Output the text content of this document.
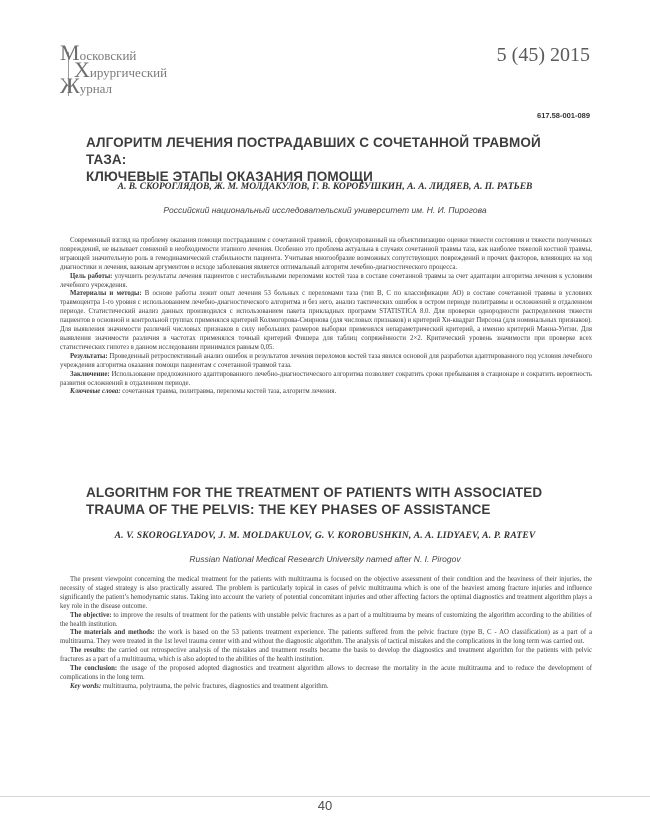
Московский
Хирургический
Журнал
5 (45) 2015
617.58-001-089
АЛГОРИТМ ЛЕЧЕНИЯ ПОСТРАДАВШИХ С СОЧЕТАННОЙ ТРАВМОЙ ТАЗА:
КЛЮЧЕВЫЕ ЭТАПЫ ОКАЗАНИЯ ПОМОЩИ
А. В. СКОРОГЛЯДОВ, Ж. М. МОЛДАКУЛОВ, Г. В. КОРОБУШКИН, А. А. ЛИДЯЕВ, А. П. РАТЬЕВ
Российский национальный исследовательский университет им. Н. И. Пирогова

Современный взгляд на проблему оказания помощи пострадавшим с сочетанной травмой, сфокусированный на объективизацию оценки тяжести состояния и тяжести полученных повреждений, не вызывает сомнений в необходимости этапного лечения. Особенно это проблема актуальна в случаях сочетанной травмы таза, как наиболее тяжелой костной травмы, играющей значительную роль в гемодинамической стабильности пациента. Учитывая многообразие возможных сопутствующих повреждений и прочих факторов, влияющих на ход диагностики и лечения, важным аргументом в исходе заболевания является оптимальный алгоритм лечебно-диагностического процесса.

Цель работы: улучшить результаты лечения пациентов с нестабильными переломами костей таза в составе сочетанной травмы за счет адаптации алгоритма лечения к условиям лечебного учреждения.

Материалы и методы: В основе работы лежит опыт лечения 53 больных с переломами таза (тип В, С по классификации АО) в составе сочетанной травмы в условиях травмоцентра 1-го уровня с использованием лечебно-диагностического алгоритма и без него, анализ тактических ошибок в остром периоде политравмы и осложнений в отдаленном периоде. Статистический анализ данных производился с использованием пакета прикладных программ STATISTICA 8.0. Для проверки однородности распределения тяжести пациентов в основной и контрольной группах применялся критерий Колмогорова-Смирнова (для числовых признаков) и критерий Хи-квадрат Пирсона (для номинальных признаков). Для выявления значимости различий числовых признаков в силу небольших размеров выборки применялся непараметрический критерий, а именно критерий Манна-Уитни. Для выявления значимости различия в частотах применялся точный критерий Фишера для таблиц сопряжённости 2×2. Критический уровень значимости при проверке всех статистических гипотез в данном исследовании принимался равным 0,05.

Результаты: Проведенный ретроспективный анализ ошибок и результатов лечения переломов костей таза явился основой для разработки адаптированного под условия лечебного учреждения алгоритма оказания помощи пациентам с сочетанной травмой таза.

Заключение: Использование предложенного адаптированного лечебно-диагностического алгоритма позволяет сократить сроки пребывания в стационаре и сократить вероятность развития осложнений в отдаленном периоде.

Ключевые слова: сочетанная травма, политравма, переломы костей таза, алгоритм лечения.

ALGORITHM FOR THE TREATMENT OF PATIENTS WITH ASSOCIATED
TRAUMA OF THE PELVIS: THE KEY PHASES OF ASSISTANCE
A. V. SKOROGLYADOV, J. M. MOLDAKULOV, G. V. KOROBUSHKIN, A. A. LIDYAEV, A. P. RATEV
Russian National Medical Research University named after N. I. Pirogov

The present viewpoint concerning the medical treatment for the patients with multitrauma is focused on the objective assessment of their condition and the heaviness of their injuries, the necessity of staged strategy is also practically assured. The problem is particularly topical in cases of pelvic multitrauma which is one of the heaviest among fracture injuries and influence significantly the patient’s hemodynamic status. Taking into account the variety of potential concomitant injuries and other affecting factors the optimal diagnostics and treatment algorithm plays a key role in the disease outcome.

The objective: to improve the results of treatment for the patients with unstable pelvic fractures as a part of a multitrauma by means of customizing the algorithm according to the abilities of the health institution.

The materials and methods: the work is based on the 53 patients treatment experience. The patients suffered from the pelvic fracture (type B, C - AO classification) as a part of a multitrauma. They were treated in the 1st level trauma center with and without the diagnostic algorithm. The analysis of tactical mistakes and the complications in the long term was carried out.

The results: the carried out retrospective analysis of the mistakes and treatment results became the basis to develop the diagnostics and treatment algorithm for the patients with pelvic fractures as a part of a multitrauma, which is also adopted to the abilities of the health institution.

The conclusion: the usage of the proposed adopted diagnostics and treatment algorithm allows to decrease the mortality in the acute multitrauma and to reduce the development of complications in the long term.

Key words: multitrauma, polytrauma, the pelvic fractures, diagnostics and treatment algorithm.

40
